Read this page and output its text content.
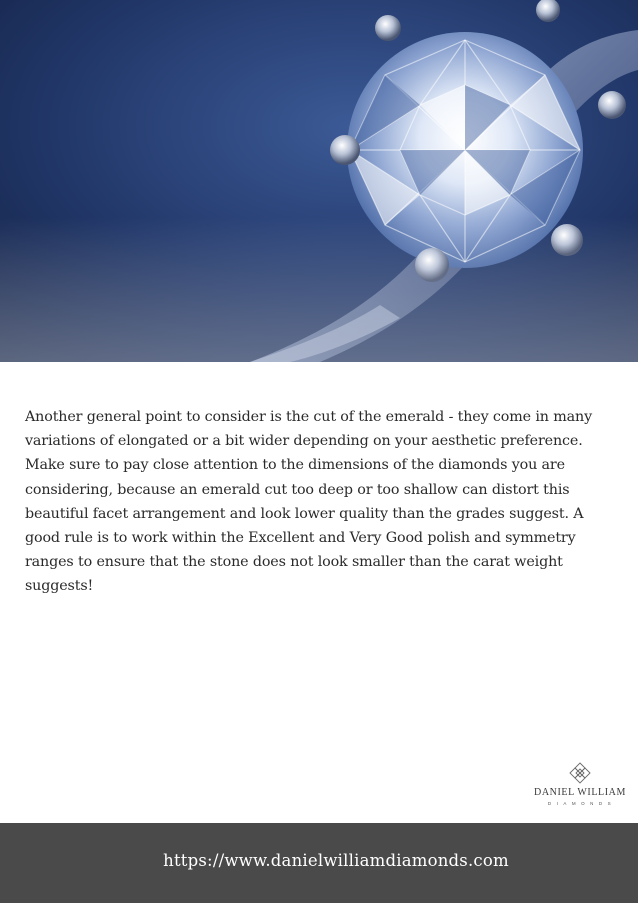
Another general point to consider is the cut of the emerald - they come in many variations of elongated or a bit wider depending on your aesthetic preference. Make sure to pay close attention to the dimensions of the diamonds you are considering, because an emerald cut too deep or too shallow can distort this beautiful facet arrangement and look lower quality than the grades suggest. A good rule is to work within the Excellent and Very Good polish and symmetry ranges to ensure that the stone does not look smaller than the carat weight suggests!

DANIEL WILLIAM
DIAMONDS
https://www.danielwilliamdiamonds.com
